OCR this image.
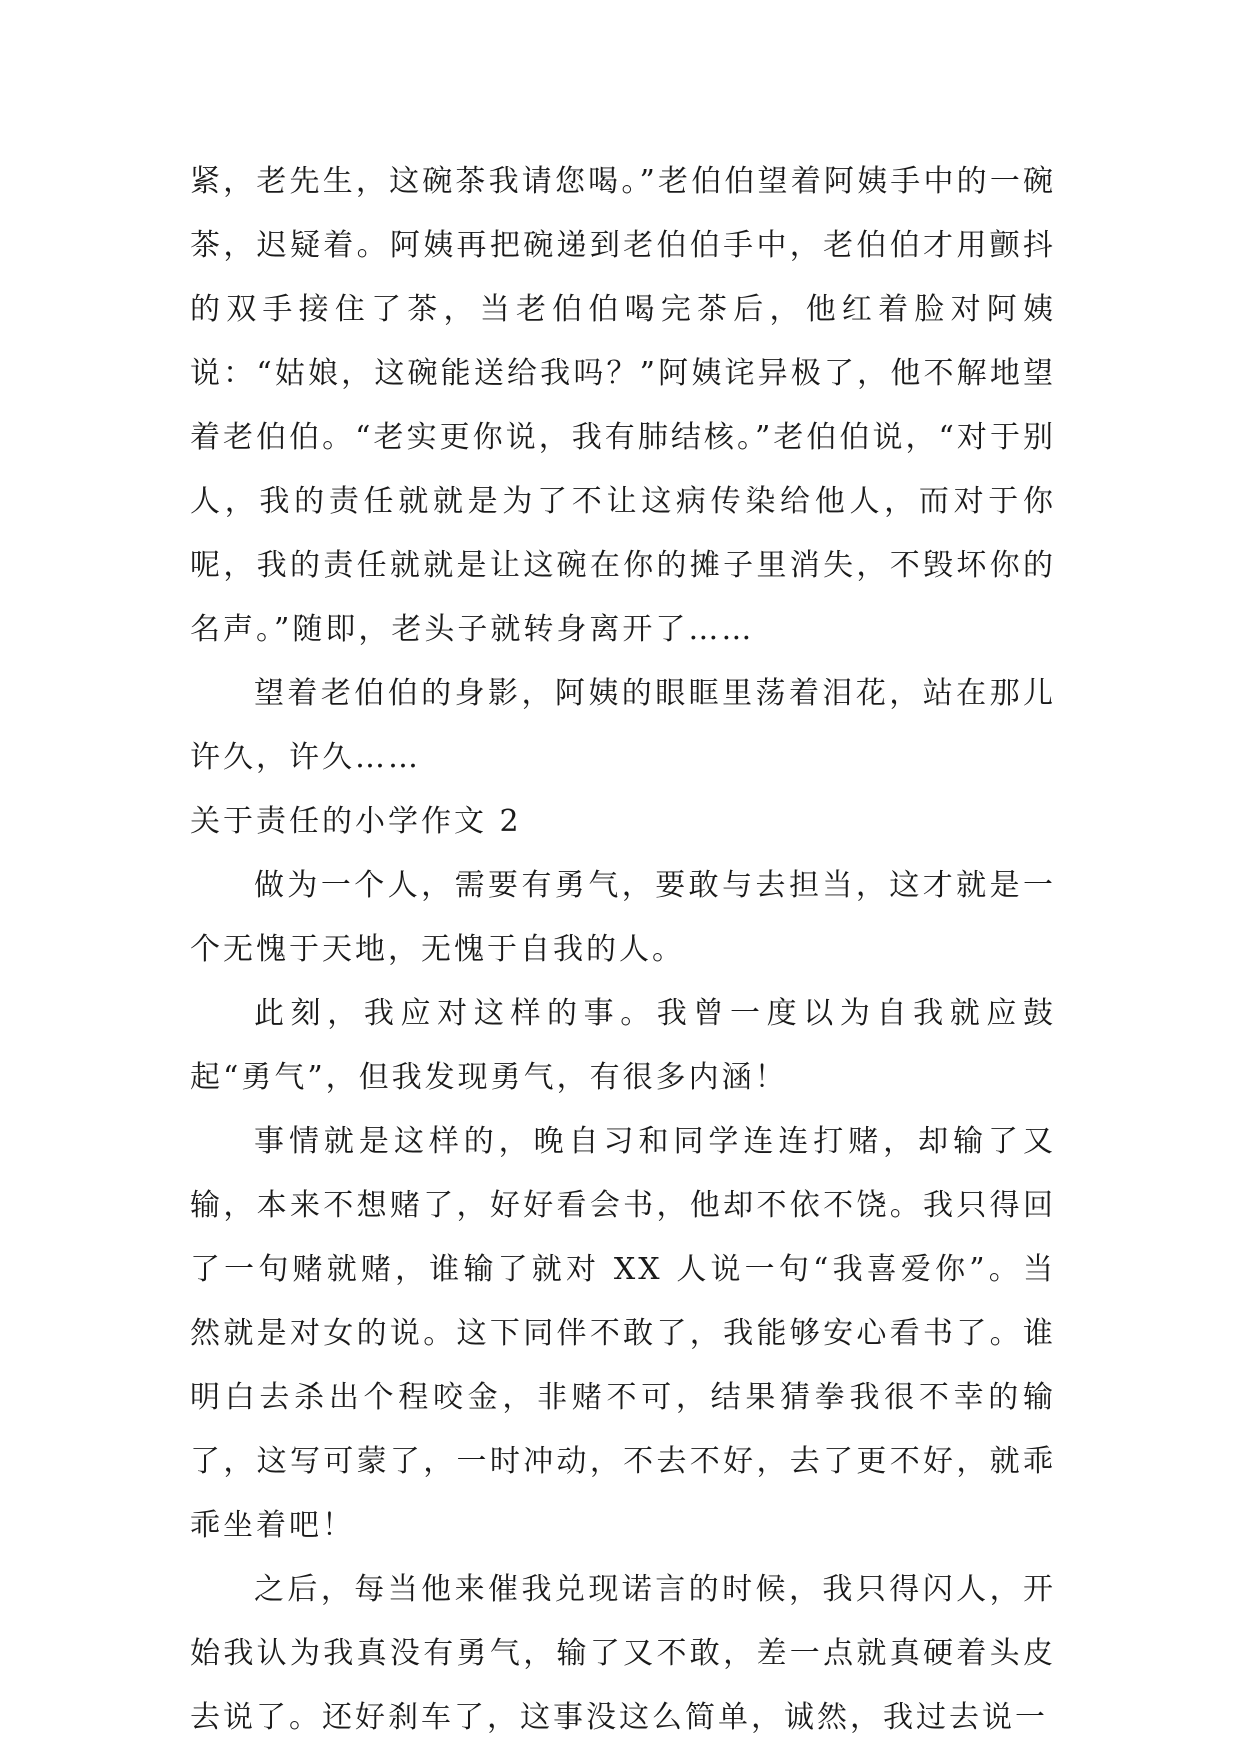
紧，老先生，这碗茶我请您喝。”老伯伯望着阿姨手中的一碗茶，迟疑着。阿姨再把碗递到老伯伯手中，老伯伯才用颤抖的双手接住了茶，当老伯伯喝完茶后，他红着脸对阿姨说：“姑娘，这碗能送给我吗？”阿姨诧异极了，他不解地望着老伯伯。“老实更你说，我有肺结核。”老伯伯说，“对于别人，我的责任就就是为了不让这病传染给他人，而对于你呢，我的责任就就是让这碗在你的摊子里消失，不毁坏你的名声。”随即，老头子就转身离开了……

望着老伯伯的身影，阿姨的眼眶里荡着泪花，站在那儿许久，许久……

关于责任的小学作文 2

做为一个人，需要有勇气，要敢与去担当，这才就是一个无愧于天地，无愧于自我的人。

此刻，我应对这样的事。我曾一度以为自我就应鼓起“勇气”，但我发现勇气，有很多内涵！

事情就是这样的，晚自习和同学连连打赌，却输了又输，本来不想赌了，好好看会书，他却不依不饶。我只得回了一句赌就赌，谁输了就对 XX 人说一句“我喜爱你”。当然就是对女的说。这下同伴不敢了，我能够安心看书了。谁明白去杀出个程咬金，非赌不可，结果猜拳我很不幸的输了，这写可蒙了，一时冲动，不去不好，去了更不好，就乖乖坐着吧！

之后，每当他来催我兑现诺言的时候，我只得闪人，开始我认为我真没有勇气，输了又不敢，差一点就真硬着头皮去说了。还好刹车了，这事没这么简单，诚然，我过去说一
